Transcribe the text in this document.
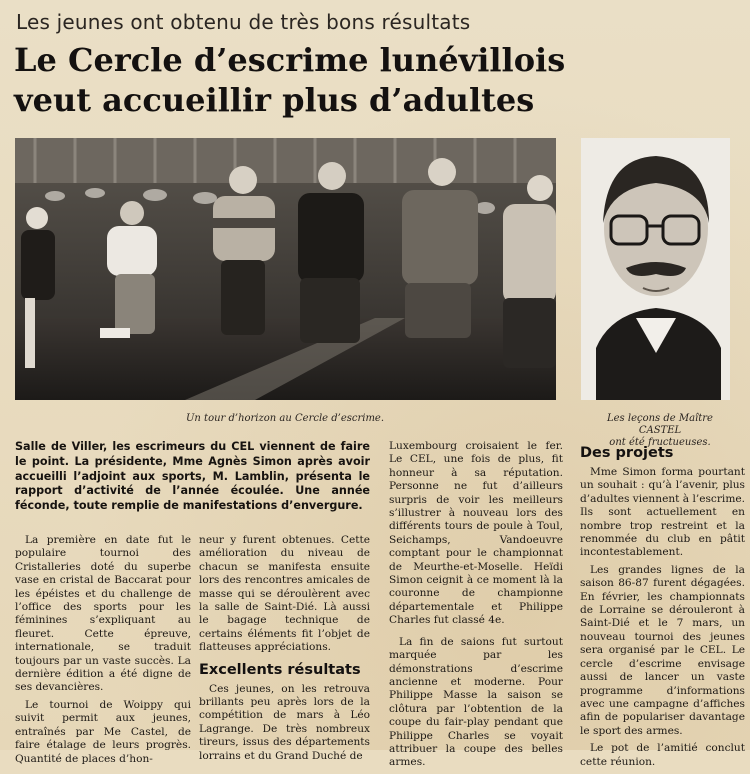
Les jeunes ont obtenu de très bons résultats
Le Cercle d’escrime lunévillois
veut accueillir plus d’adultes
Un tour d’horizon au Cercle d’escrime.	Les leçons de Maître CASTEL
ont été fructueuses.
Salle de Viller, les escrimeurs du CEL viennent de faire le point. La présidente, Mme Agnès Simon après avoir accueilli l’adjoint aux sports, M. Lamblin, présenta le rapport d’activité de l’année écoulée. Une année féconde, toute remplie de manifestations d’envergure.

La première en date fut le populaire tournoi des Cristalleries doté du superbe vase en cristal de Baccarat pour les épéistes et du challenge de l’office des sports pour les féminines s’expliquant au fleuret. Cette épreuve, internationale, se traduit toujours par un vaste succès. La dernière édition a été digne de ses devancières.

Le tournoi de Woippy qui suivit permit aux jeunes, entraînés par Me Castel, de faire étalage de leurs progrès. Quantité de places d’hon-

neur y furent obtenues. Cette amélioration du niveau de chacun se manifesta ensuite lors des rencontres amicales de masse qui se déroulèrent avec la salle de Saint-Dié. Là aussi le bagage technique de certains éléments fit l’objet de flatteuses appréciations.

Excellents résultats

Ces jeunes, on les retrouva brillants peu après lors de la compétition de mars à Léo Lagrange. De très nombreux tireurs, issus des départements lorrains et du Grand Duché de

Luxembourg croisaient le fer. Le CEL, une fois de plus, fit honneur à sa réputation. Personne ne fut d’ailleurs surpris de voir les meilleurs s’illustrer à nouveau lors des différents tours de poule à Toul, Seichamps, Vandoeuvre comptant pour le championnat de Meurthe-et-Moselle. Heïdi Simon ceignit à ce moment là la couronne de championne départementale et Philippe Charles fut classé 4e.

La fin de saions fut surtout marquée par les démonstrations d’escrime ancienne et moderne. Pour Philippe Masse la saison se clôtura par l’obtention de la coupe du fair-play pendant que Philippe Charles se voyait attribuer la coupe des belles armes.

Des projets

Mme Simon forma pourtant un souhait : qu’à l’avenir, plus d’adultes viennent à l’escrime. Ils sont actuellement en nombre trop restreint et la renommée du club en pâtit incontestablement.

Les grandes lignes de la saison 86-87 furent dégagées. En février, les championnats de Lorraine se dérouleront à Saint-Dié et le 7 mars, un nouveau tournoi des jeunes sera organisé par le CEL. Le cercle d’escrime envisage aussi de lancer un vaste programme d’informations avec une campagne d’affiches afin de populariser davantage le sport des armes.

Le pot de l’amitié conclut cette réunion.
